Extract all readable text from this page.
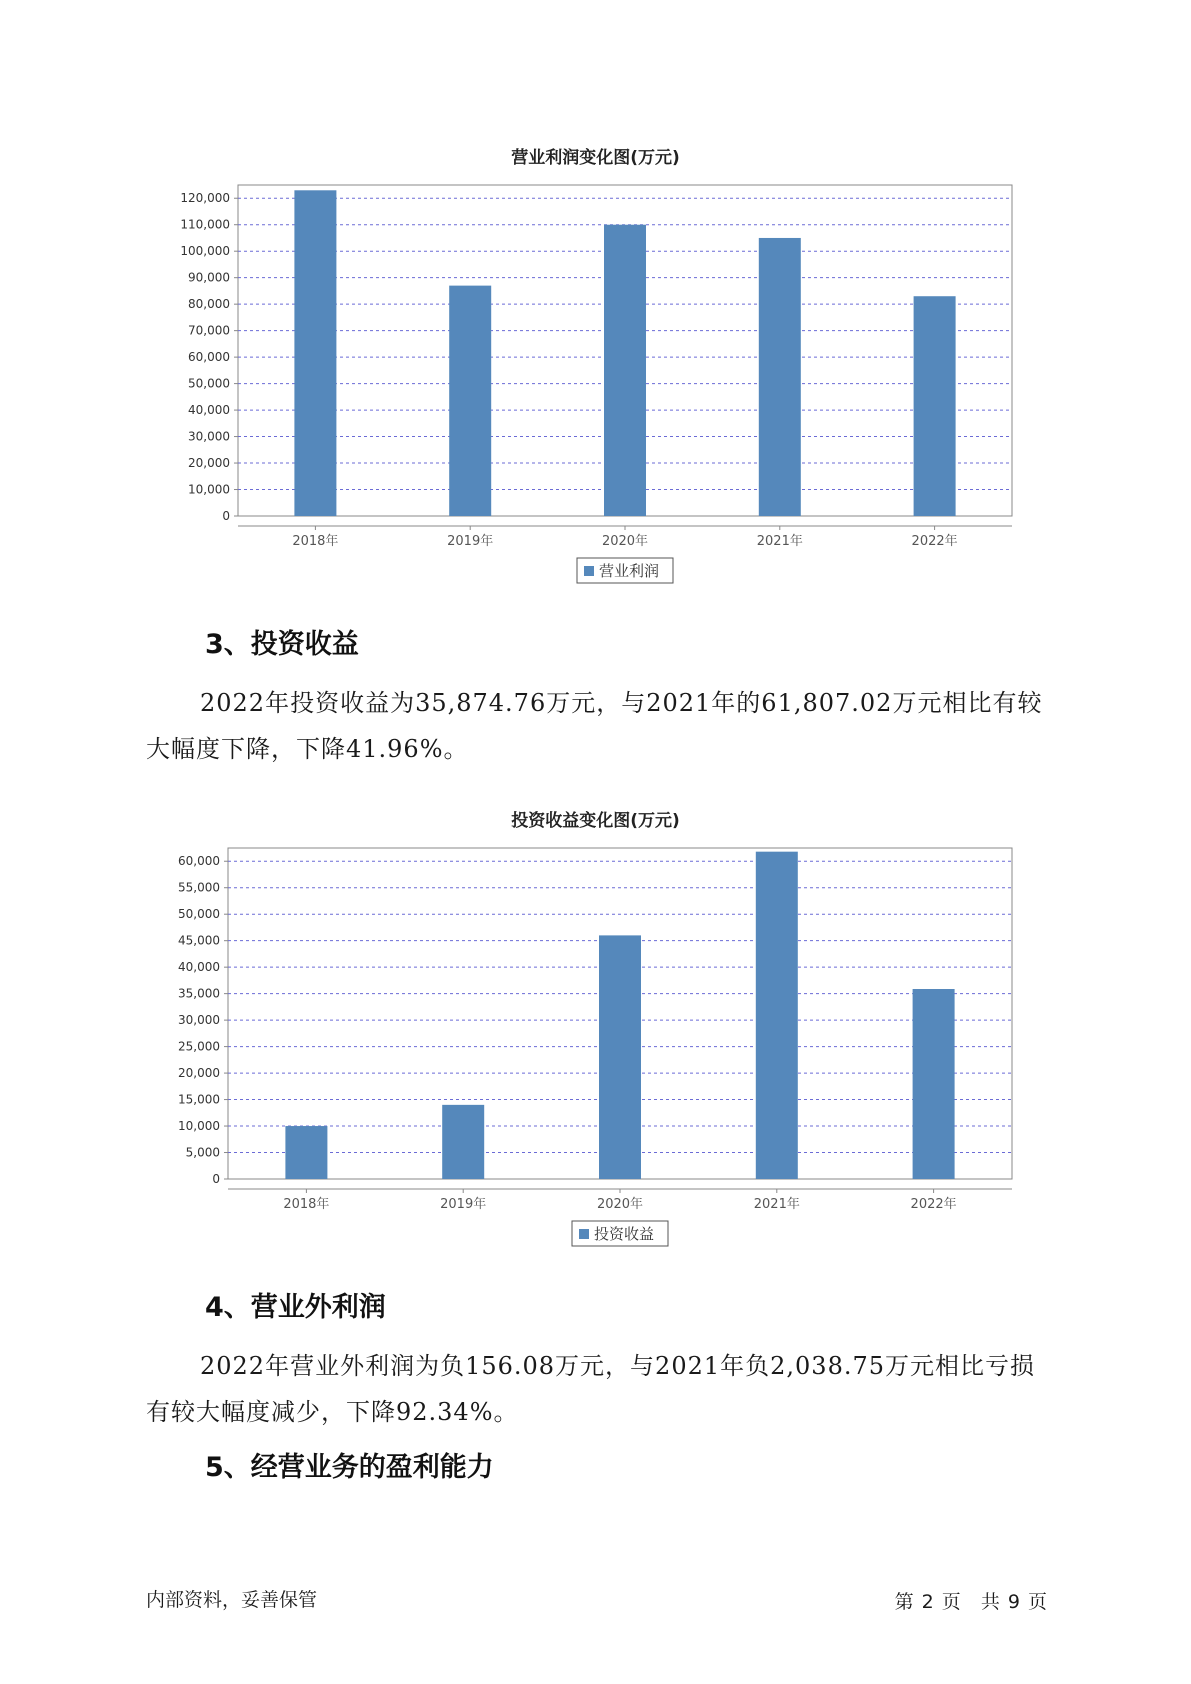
营业利润变化图(万元)
0
10,000
20,000
30,000
40,000
50,000
60,000
70,000
80,000
90,000
100,000
110,000
120,000
2018年	2019年	2020年	2021年	2022年
营业利润
3、投资收益

2022年投资收益为35,874.76万元，与2021年的61,807.02万元相比有较大幅度下降，下降41.96%。

投资收益变化图(万元)
0
5,000
10,000
15,000
20,000
25,000
30,000
35,000
40,000
45,000
50,000
55,000
60,000
2018年	2019年	2020年	2021年	2022年
投资收益
4、营业外利润

2022年营业外利润为负156.08万元，与2021年负2,038.75万元相比亏损有较大幅度减少，下降92.34%。

5、经营业务的盈利能力
内部资料，妥善保管	第 2 页 共 9 页
